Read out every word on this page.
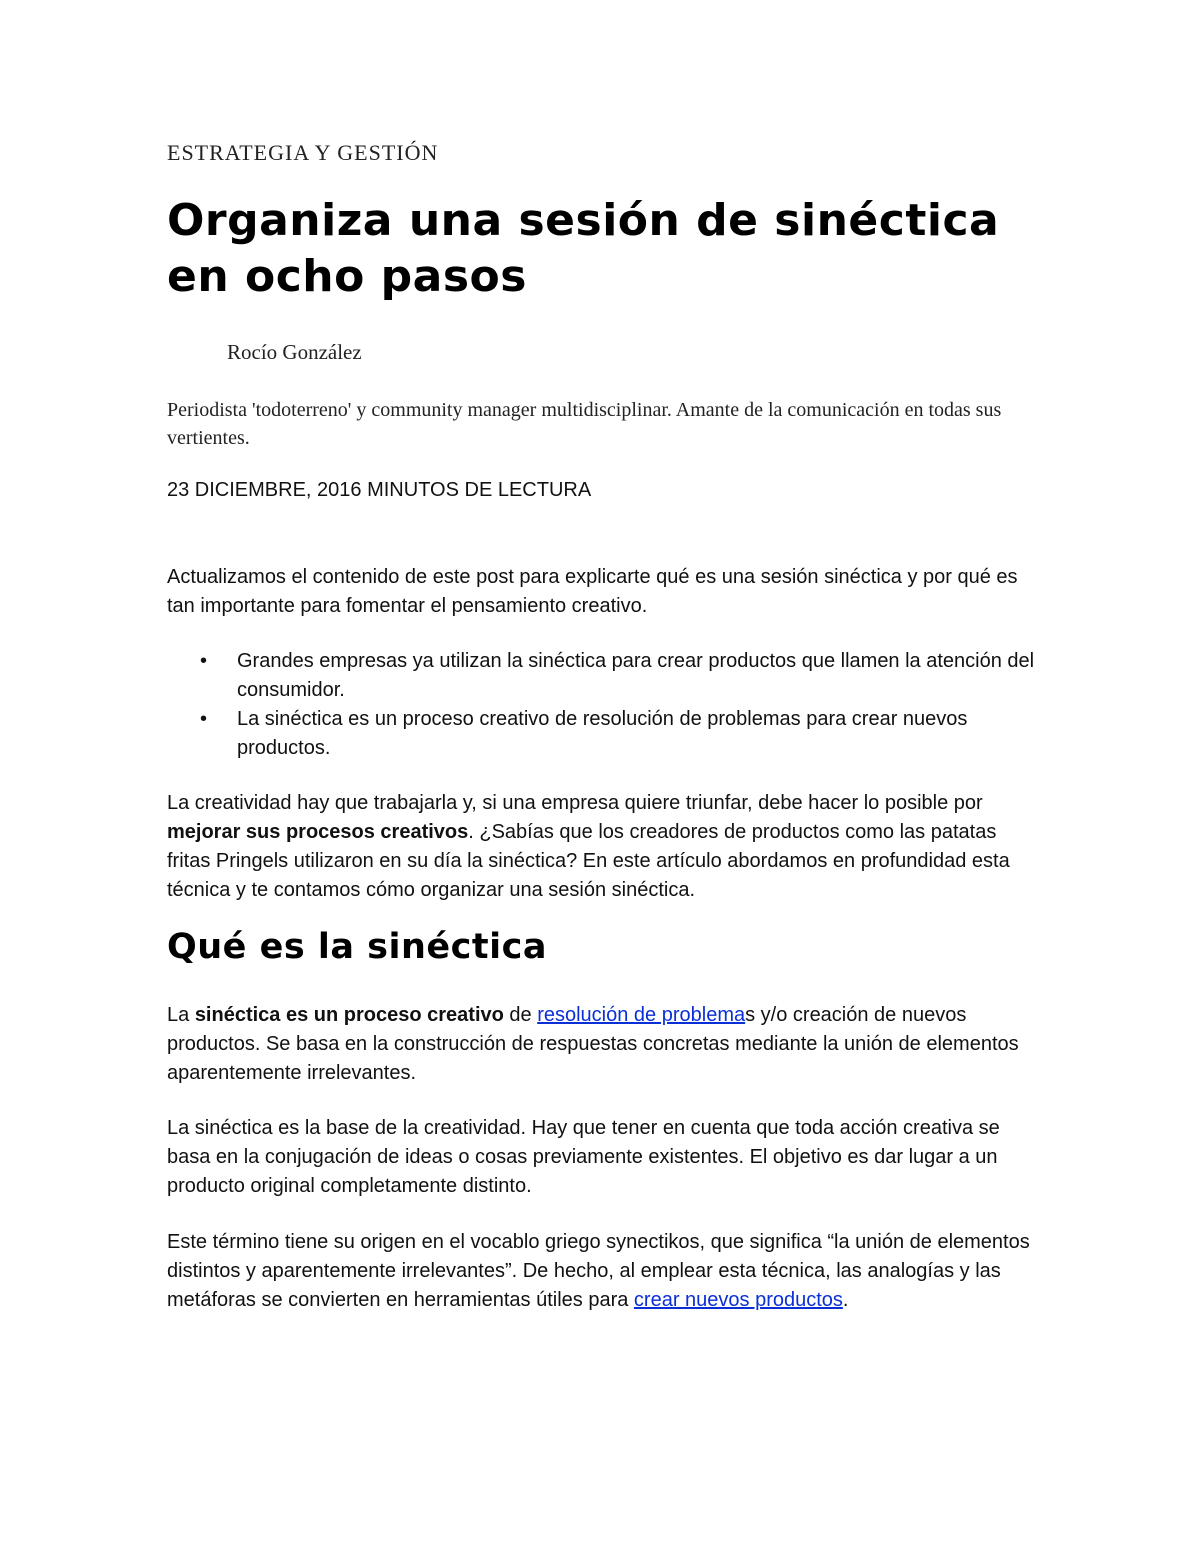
ESTRATEGIA Y GESTIÓN
Organiza una sesión de sinéctica en ocho pasos
Rocío González
Periodista 'todoterreno' y community manager multidisciplinar. Amante de la comunicación en todas sus vertientes.
23 DICIEMBRE, 2016 MINUTOS DE LECTURA

Actualizamos el contenido de este post para explicarte qué es una sesión sinéctica y por qué es tan importante para fomentar el pensamiento creativo.

• Grandes empresas ya utilizan la sinéctica para crear productos que llamen la atención del consumidor.
• La sinéctica es un proceso creativo de resolución de problemas para crear nuevos productos.

La creatividad hay que trabajarla y, si una empresa quiere triunfar, debe hacer lo posible por mejorar sus procesos creativos. ¿Sabías que los creadores de productos como las patatas fritas Pringels utilizaron en su día la sinéctica? En este artículo abordamos en profundidad esta técnica y te contamos cómo organizar una sesión sinéctica.

Qué es la sinéctica

La sinéctica es un proceso creativo de resolución de problemas y/o creación de nuevos productos. Se basa en la construcción de respuestas concretas mediante la unión de elementos aparentemente irrelevantes.

La sinéctica es la base de la creatividad. Hay que tener en cuenta que toda acción creativa se basa en la conjugación de ideas o cosas previamente existentes. El objetivo es dar lugar a un producto original completamente distinto.

Este término tiene su origen en el vocablo griego synectikos, que significa “la unión de elementos distintos y aparentemente irrelevantes”. De hecho, al emplear esta técnica, las analogías y las metáforas se convierten en herramientas útiles para crear nuevos productos.
